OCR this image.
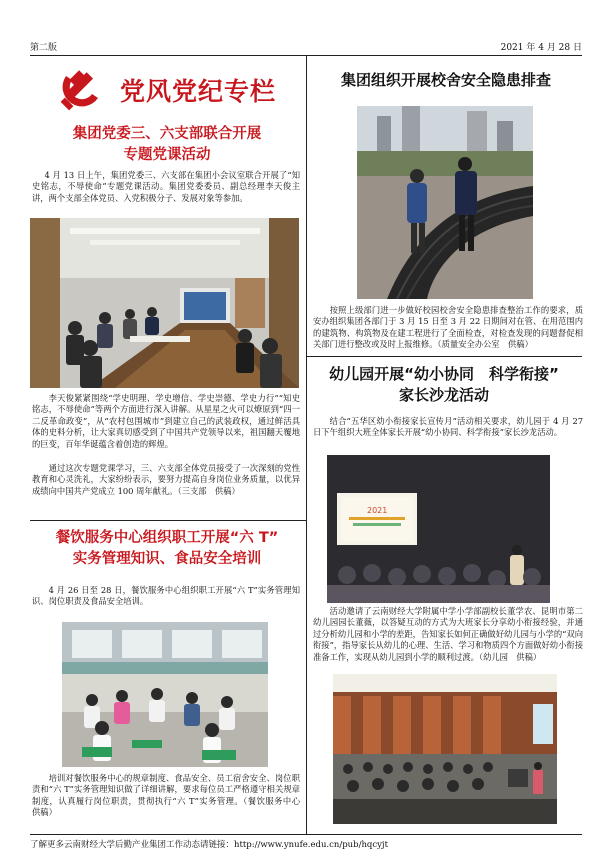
第二版	2021 年 4 月 28 日
党风党纪专栏
集团党委三、六支部联合开展
专题党课活动

4 月 13 日上午，集团党委三、六支部在集团小会议室联合开展了“知史铭志，不辱使命”专题党课活动。集团党委委员、副总经理李天俊主讲，两个支部全体党员、入党积极分子、发展对象等参加。

李天俊紧紧围绕“学史明理、学史增信、学史崇德、学史力行”“知史铭志，不辱使命”等两个方面进行深入讲解。从星星之火可以燎原到“四一二反革命政变”，从“农村包围城市”到建立自己的武装政权，通过鲜活具体的史料分析，让大家真切感受到了中国共产党领导以来，祖国翻天覆地的巨变，百年华诞蕴含着创造的辉煌。

通过这次专题党课学习，三、六支部全体党员接受了一次深刻的党性教育和心灵洗礼，大家纷纷表示，要努力提高自身岗位业务质量，以优异成绩向中国共产党成立 100 周年献礼。（三支部　供稿）

餐饮服务中心组织职工开展“六 T”
实务管理知识、食品安全培训

4 月 26 日至 28 日，餐饮服务中心组织职工开展“六 T”实务管理知识、岗位职责及食品安全培训。

培训对餐饮服务中心的规章制度、食品安全、员工宿舍安全、岗位职责和“六 T”实务管理知识做了详细讲解，要求每位员工严格遵守相关规章制度，认真履行岗位职责，贯彻执行“六 T”实务管理。（餐饮服务中心　供稿）

集团组织开展校舍安全隐患排查

按照上级部门进一步做好校园校舍安全隐患排查整治工作的要求，质安办组织集团各部门于 3 月 15 日至 3 月 22 日期间对在管、在用范围内的建筑物、构筑物及在建工程进行了全面检查，对检查发现的问题督促相关部门进行整改或及时上报维修。（质量安全办公室　供稿）

幼儿园开展“幼小协同　科学衔接”
家长沙龙活动

结合“五华区幼小衔接家长宣传月”活动相关要求，幼儿园于 4 月 27 日下午组织大班全体家长开展“幼小协同、科学衔接”家长沙龙活动。

2021

活动邀请了云南财经大学附属中学小学部副校长董学农、昆明市第二幼儿园园长董薇，以答疑互动的方式为大班家长分享幼小衔接经验，并通过分析幼儿园和小学的差距，告知家长如何正确做好幼儿园与小学的“双向衔接”，指导家长从幼儿的心理、生活、学习和物质四个方面做好幼小衔接准备工作，实现从幼儿园到小学的顺利过渡。（幼儿园　供稿）

了解更多云南财经大学后勤产业集团工作动态请链接：http://www.ynufe.edu.cn/pub/hqcyjt
